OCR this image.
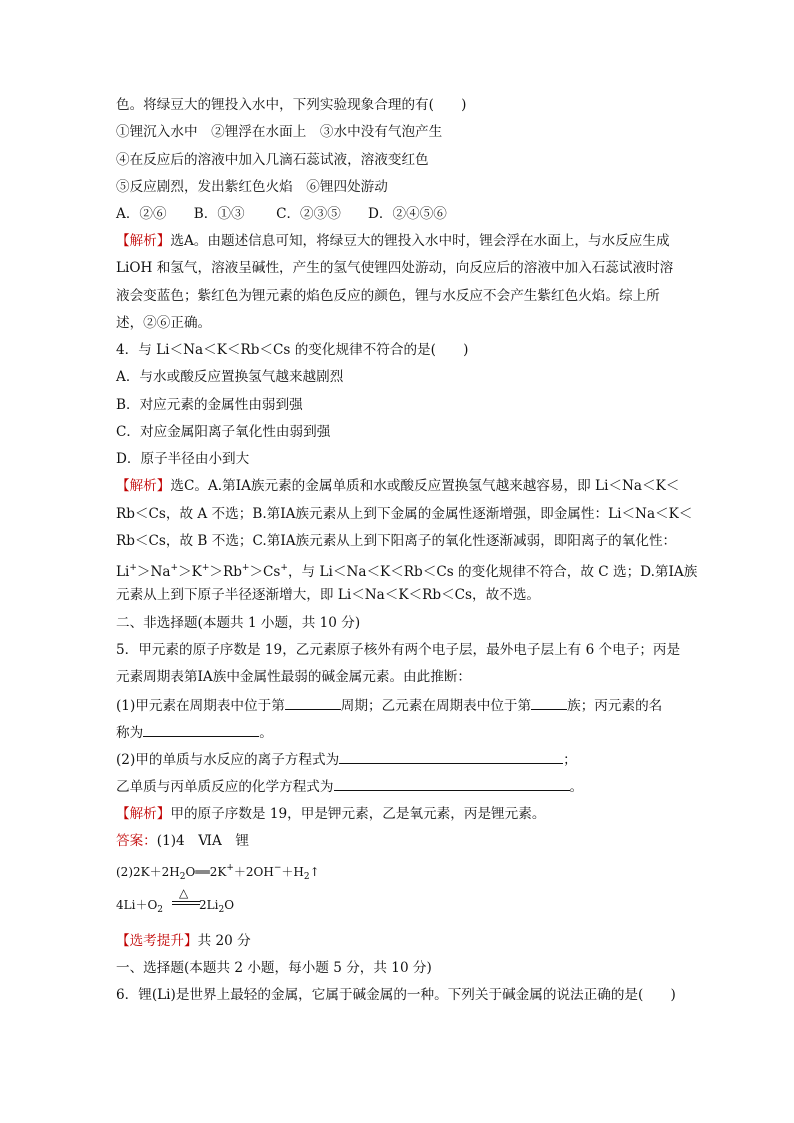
色。将绿豆大的锂投入水中，下列实验现象合理的有(　　)
①锂沉入水中　②锂浮在水面上　③水中没有气泡产生
④在反应后的溶液中加入几滴石蕊试液，溶液变红色
⑤反应剧烈，发出紫红色火焰　⑥锂四处游动
A．②⑥　　B．①③　　 C．②③⑤　　D．②④⑤⑥
【解析】选A。由题述信息可知，将绿豆大的锂投入水中时，锂会浮在水面上，与水反应生成
LiOH 和氢气，溶液呈碱性，产生的氢气使锂四处游动，向反应后的溶液中加入石蕊试液时溶
液会变蓝色；紫红色为锂元素的焰色反应的颜色，锂与水反应不会产生紫红色火焰。综上所
述，②⑥正确。
4．与 Li＜Na＜K＜Rb＜Cs 的变化规律不符合的是(　　)
A．与水或酸反应置换氢气越来越剧烈
B．对应元素的金属性由弱到强
C．对应金属阳离子氧化性由弱到强
D．原子半径由小到大
【解析】选C。A.第ⅠA族元素的金属单质和水或酸反应置换氢气越来越容易，即 Li＜Na＜K＜
Rb＜Cs，故 A 不选；B.第ⅠA族元素从上到下金属的金属性逐渐增强，即金属性：Li＜Na＜K＜
Rb＜Cs，故 B 不选；C.第ⅠA族元素从上到下阳离子的氧化性逐渐减弱，即阳离子的氧化性：
Li+＞Na+＞K+＞Rb+＞Cs+，与 Li＜Na＜K＜Rb＜Cs 的变化规律不符合，故 C 选；D.第ⅠA族
元素从上到下原子半径逐渐增大，即 Li＜Na＜K＜Rb＜Cs，故不选。
二、非选择题(本题共 1 小题，共 10 分)
5．甲元素的原子序数是 19，乙元素原子核外有两个电子层，最外电子层上有 6 个电子；丙是
元素周期表第ⅠA族中金属性最弱的碱金属元素。由此推断：
(1)甲元素在周期表中位于第	周期；乙元素在周期表中位于第	族；丙元素的名
称为	。
(2)甲的单质与水反应的离子方程式为	；
乙单质与丙单质反应的化学方程式为	。
【解析】甲的原子序数是 19，甲是钾元素，乙是氧元素，丙是锂元素。
答案：(1)4　ⅥA　锂
$(2)2K+2H_2O══2K^++2OH^-+H_2↑$
$4Li+O_2$	$2Li_2O$
△
【选考提升】共 20 分
一、选择题(本题共 2 小题，每小题 5 分，共 10 分)
6．锂(Li)是世界上最轻的金属，它属于碱金属的一种。下列关于碱金属的说法正确的是(　　)
